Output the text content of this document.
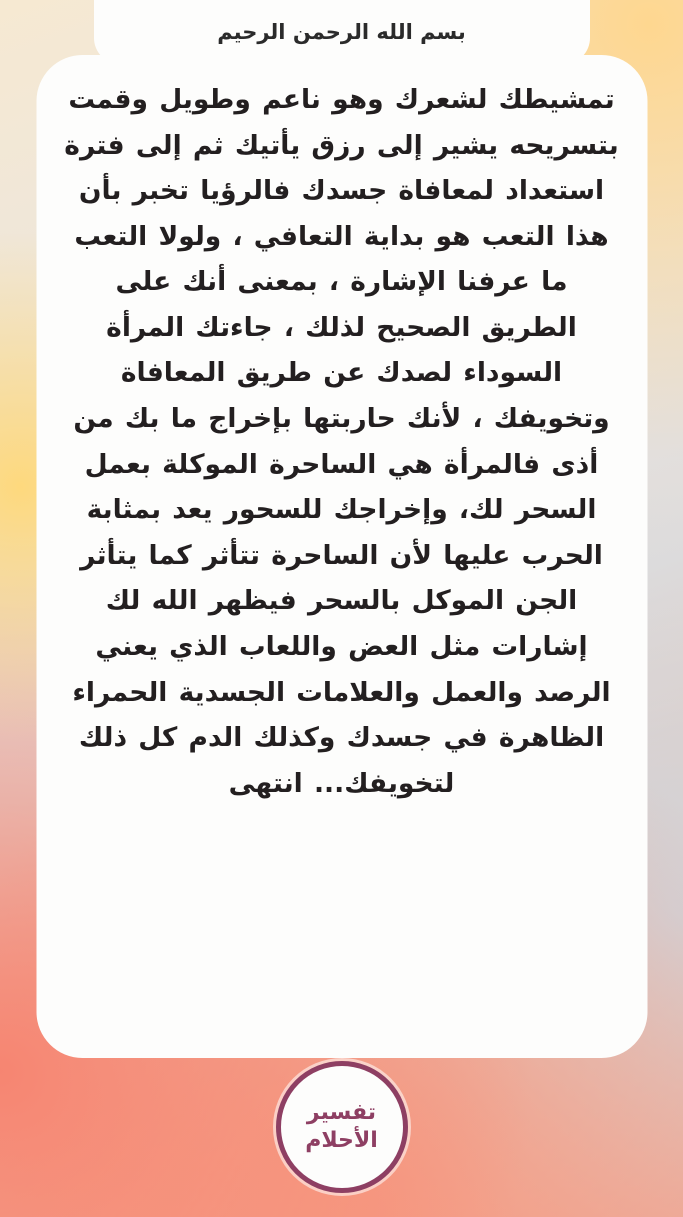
بسم الله الرحمن الرحيم

تمشيطك لشعرك وهو ناعم وطويل وقمت بتسريحه يشير إلى رزق يأتيك ثم إلى فترة استعداد لمعافاة جسدك فالرؤيا تخبر بأن هذا التعب هو بداية التعافي ، ولولا التعب ما عرفنا الإشارة ، بمعنى أنك على الطريق الصحيح لذلك ، جاءتك المرأة السوداء لصدك عن طريق المعافاة وتخويفك ، لأنك حاربتها بإخراج ما بك من أذى فالمرأة هي الساحرة الموكلة بعمل السحر لك، وإخراجك للسحور يعد بمثابة الحرب عليها لأن الساحرة تتأثر كما يتأثر الجن الموكل بالسحر فيظهر الله لك إشارات مثل العض واللعاب الذي يعني الرصد والعمل والعلامات الجسدية الحمراء الظاهرة في جسدك وكذلك الدم كل ذلك لتخويفك... انتهى

تفسير
الأحلام
